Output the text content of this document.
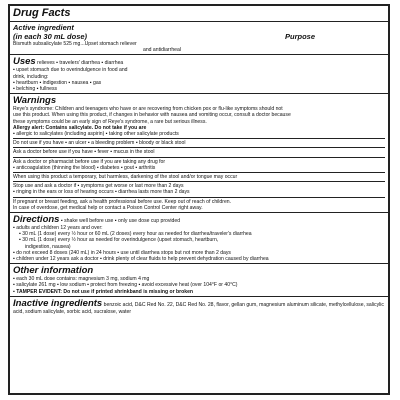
Drug Facts
Active ingredient
(in each 30 mL dose)	Purpose
Bismuth subsalicylate 525 mg...Upset stomach reliever
and antidiarrheal
Uses relieves ▪ travelers' diarrhea ▪ diarrhea
▪ upset stomach due to overindulgence in food and
drink, including:
▪ heartburn ▪ indigestion ▪ nausea ▪ gas
▪ belching ▪ fullness
Warnings
Reye's syndrome: Children and teenagers who have or are recovering from chicken pox or flu-like symptoms should not
use this product. When using this product, if changes in behavior with nausea and vomiting occur, consult a doctor because
these symptoms could be an early sign of Reye's syndrome, a rare but serious illness.
Allergy alert: Contains salicylate. Do not take if you are
▪ allergic to salicylates (including aspirin) ▪ taking other salicylate products
Do not use if you have ▪ an ulcer ▪ a bleeding problem ▪ bloody or black stool
Ask a doctor before use if you have ▪ fever ▪ mucus in the stool
Ask a doctor or pharmacist before use if you are taking any drug for
▪ anticoagulation (thinning the blood) ▪ diabetes ▪ gout ▪ arthritis
When using this product a temporary, but harmless, darkening of the stool and/or tongue may occur
Stop use and ask a doctor if ▪ symptoms get worse or last more than 2 days
▪ ringing in the ears or loss of hearing occurs ▪ diarrhea lasts more than 2 days
If pregnant or breast feeding, ask a health professional before use. Keep out of reach of children.
In case of overdose, get medical help or contact a Poison Control Center right away.
Directions ▪ shake well before use ▪ only use dose cup provided
▪ adults and children 12 years and over:
▪ 30 mL (1 dose) every ½ hour or 60 mL (2 doses) every hour as needed for diarrhea/traveler's diarrhea
▪ 30 mL (1 dose) every ½ hour as needed for overindulgence (upset stomach, heartburn,
indigestion, nausea)
▪ do not exceed 8 doses (240 mL) in 24 hours ▪ use until diarrhea stops but not more than 2 days
▪ children under 12 years ask a doctor ▪ drink plenty of clear fluids to help prevent dehydration caused by diarrhea
Other information
▪ each 30 mL dose contains: magnesium 3 mg, sodium 4 mg
▪ salicylate 261 mg ▪ low sodium ▪ protect from freezing ▪ avoid excessive heat (over 104°F or 40°C)
▪ TAMPER EVIDENT: Do not use if printed shrinkband is missing or broken
Inactive ingredients benzoic acid, D&C Red No. 22, D&C Red No. 28, flavor, gellan gum, magnesium aluminum silicate, methylcellulose, salicylic acid, sodium salicylate, sorbic acid, sucralose, water
